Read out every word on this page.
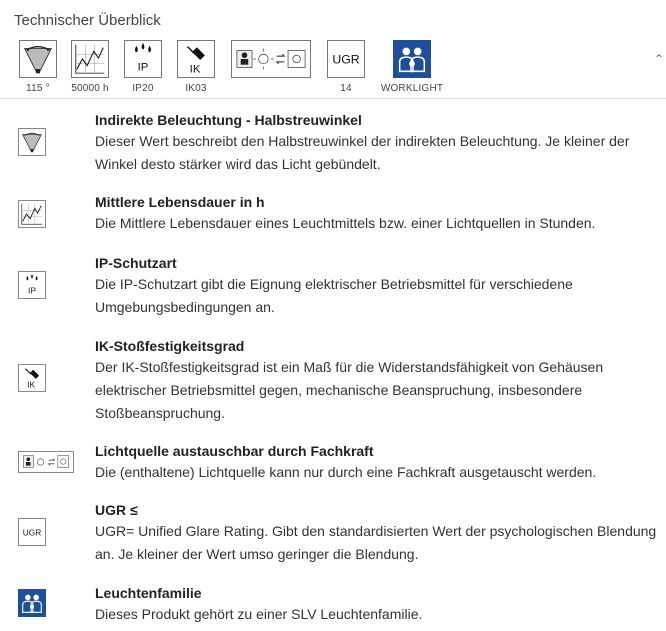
Technischer Überblick
⌃
115 °	50000 h
IP
IP20
IK
IK03
UGR
14	WORKLIGHT
Indirekte Beleuchtung - Halbstreuwinkel
Dieser Wert beschreibt den Halbstreuwinkel der indirekten Beleuchtung. Je kleiner der Winkel desto stärker wird das Licht gebündelt.
Mittlere Lebensdauer in h
Die Mittlere Lebensdauer eines Leuchtmittels bzw. einer Lichtquellen in Stunden.
IP
IP-Schutzart
Die IP-Schutzart gibt die Eignung elektrischer Betriebsmittel für verschiedene Umgebungsbedingungen an.
IK
IK-Stoßfestigkeitsgrad
Der IK-Stoßfestigkeitsgrad ist ein Maß für die Widerstandsfähigkeit von Gehäusen elektrischer Betriebsmittel gegen, mechanische Beanspruchung, insbesondere Stoßbeanspruchung.
Lichtquelle austauschbar durch Fachkraft
Die (enthaltene) Lichtquelle kann nur durch eine Fachkraft ausgetauscht werden.
UGR
UGR ≤
UGR= Unified Glare Rating. Gibt den standardisierten Wert der psychologischen Blendung an. Je kleiner der Wert umso geringer die Blendung.
Leuchtenfamilie
Dieses Produkt gehört zu einer SLV Leuchtenfamilie.
